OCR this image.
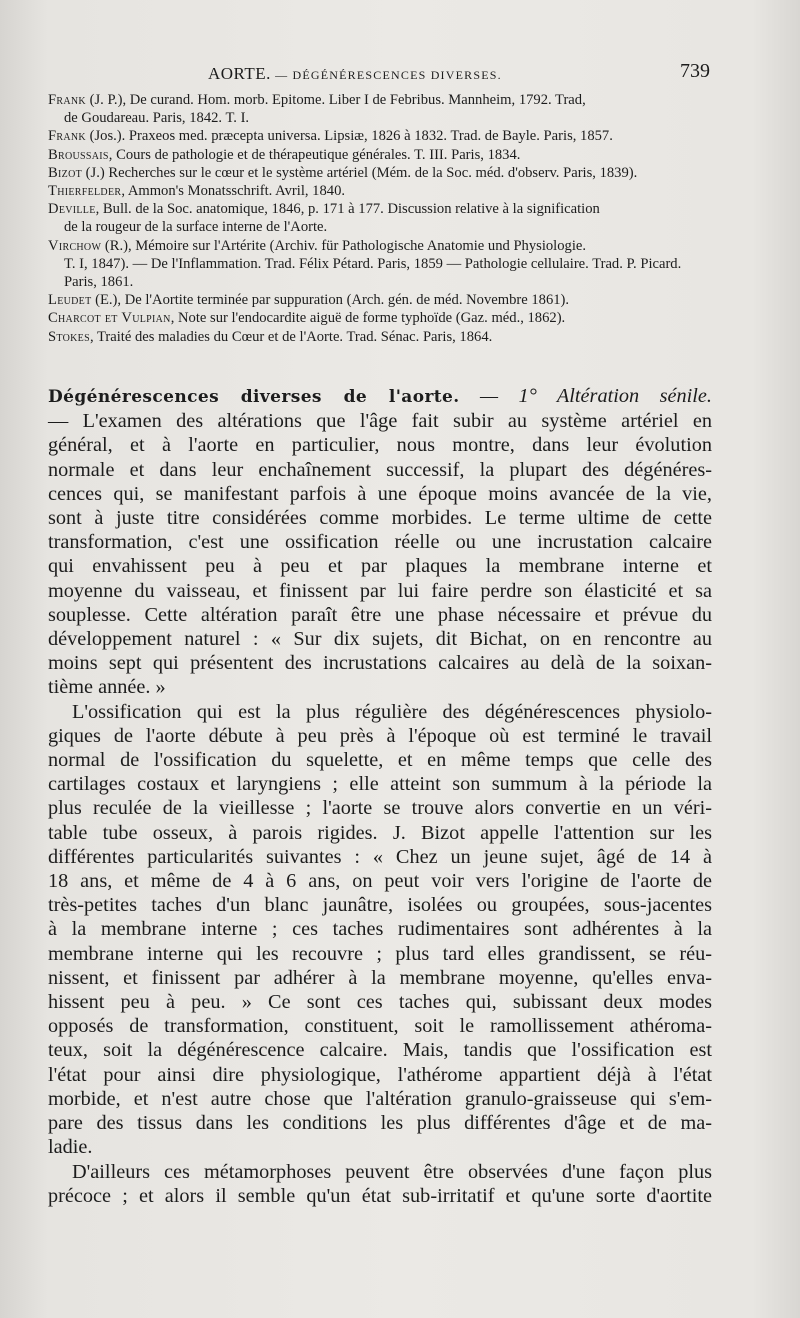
AORTE. — DÉGÉNÉRESCENCES DIVERSES.	739
Frank (J. P.), De curand. Hom. morb. Epitome. Liber I de Febribus. Mannheim, 1792. Trad,
de Goudareau. Paris, 1842. T. I.
Frank (Jos.). Praxeos med. præcepta universa. Lipsiæ, 1826 à 1832. Trad. de Bayle. Paris, 1857.
Broussais, Cours de pathologie et de thérapeutique générales. T. III. Paris, 1834.
Bizot (J.) Recherches sur le cœur et le système artériel (Mém. de la Soc. méd. d'observ. Paris, 1839).
Thierfelder, Ammon's Monatsschrift. Avril, 1840.
Deville, Bull. de la Soc. anatomique, 1846, p. 171 à 177. Discussion relative à la signification
de la rougeur de la surface interne de l'Aorte.
Virchow (R.), Mémoire sur l'Artérite (Archiv. für Pathologische Anatomie und Physiologie.
T. I, 1847). — De l'Inflammation. Trad. Félix Pétard. Paris, 1859 — Pathologie cellulaire. Trad. P. Picard. Paris, 1861.
Leudet (E.), De l'Aortite terminée par suppuration (Arch. gén. de méd. Novembre 1861).
Charcot et Vulpian, Note sur l'endocardite aiguë de forme typhoïde (Gaz. méd., 1862).
Stokes, Traité des maladies du Cœur et de l'Aorte. Trad. Sénac. Paris, 1864.
Dégénérescences diverses de l'aorte. — 1° Altération sénile.
— L'examen des altérations que l'âge fait subir au système artériel en
général, et à l'aorte en particulier, nous montre, dans leur évolution
normale et dans leur enchaînement successif, la plupart des dégénéres-
cences qui, se manifestant parfois à une époque moins avancée de la vie,
sont à juste titre considérées comme morbides. Le terme ultime de cette
transformation, c'est une ossification réelle ou une incrustation calcaire
qui envahissent peu à peu et par plaques la membrane interne et
moyenne du vaisseau, et finissent par lui faire perdre son élasticité et sa
souplesse. Cette altération paraît être une phase nécessaire et prévue du
développement naturel : « Sur dix sujets, dit Bichat, on en rencontre au
moins sept qui présentent des incrustations calcaires au delà de la soixan-
tième année. »
L'ossification qui est la plus régulière des dégénérescences physiolo-
giques de l'aorte débute à peu près à l'époque où est terminé le travail
normal de l'ossification du squelette, et en même temps que celle des
cartilages costaux et laryngiens ; elle atteint son summum à la période la
plus reculée de la vieillesse ; l'aorte se trouve alors convertie en un véri-
table tube osseux, à parois rigides. J. Bizot appelle l'attention sur les
différentes particularités suivantes : « Chez un jeune sujet, âgé de 14 à
18 ans, et même de 4 à 6 ans, on peut voir vers l'origine de l'aorte de
très-petites taches d'un blanc jaunâtre, isolées ou groupées, sous-jacentes
à la membrane interne ; ces taches rudimentaires sont adhérentes à la
membrane interne qui les recouvre ; plus tard elles grandissent, se réu-
nissent, et finissent par adhérer à la membrane moyenne, qu'elles enva-
hissent peu à peu. » Ce sont ces taches qui, subissant deux modes
opposés de transformation, constituent, soit le ramollissement athéroma-
teux, soit la dégénérescence calcaire. Mais, tandis que l'ossification est
l'état pour ainsi dire physiologique, l'athérome appartient déjà à l'état
morbide, et n'est autre chose que l'altération granulo-graisseuse qui s'em-
pare des tissus dans les conditions les plus différentes d'âge et de ma-
ladie.
D'ailleurs ces métamorphoses peuvent être observées d'une façon plus
précoce ; et alors il semble qu'un état sub-irritatif et qu'une sorte d'aortite
